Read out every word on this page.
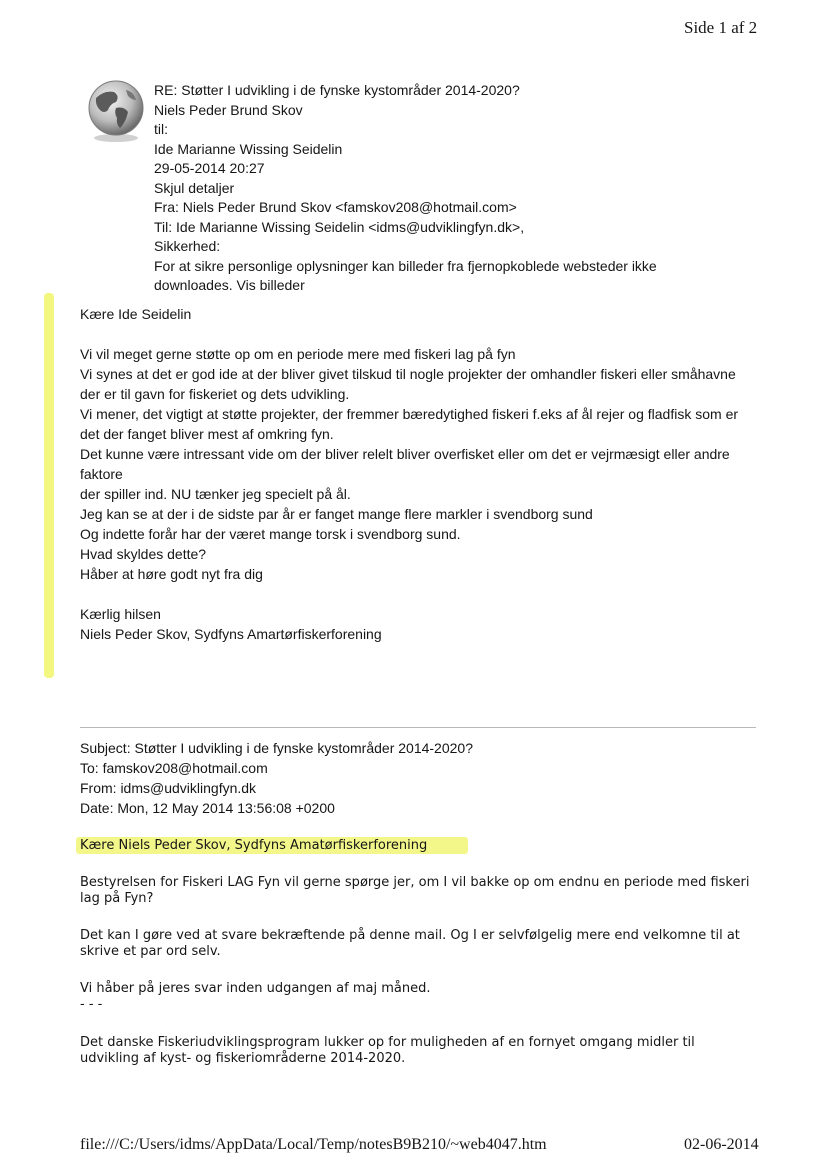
Side 1 af 2
RE: Støtter I udvikling i de fynske kystområder 2014-2020?
Niels Peder Brund Skov
til:
Ide Marianne Wissing Seidelin
29-05-2014 20:27
Skjul detaljer
Fra: Niels Peder Brund Skov <famskov208@hotmail.com>
Til: Ide Marianne Wissing Seidelin <idms@udviklingfyn.dk>,
Sikkerhed:
For at sikre personlige oplysninger kan billeder fra fjernopkoblede websteder ikke downloades. Vis billeder
Kære Ide Seidelin
Vi vil meget gerne støtte op om en periode mere med fiskeri lag på fyn
Vi synes at det er god ide at der bliver givet tilskud til nogle projekter der omhandler fiskeri eller småhavne
der er til gavn for fiskeriet og dets udvikling.
Vi mener, det vigtigt at støtte projekter, der fremmer bæredytighed fiskeri f.eks af ål rejer og fladfisk som er det der fanget bliver mest af omkring fyn.
Det kunne være intressant vide om der bliver relelt bliver overfisket eller om det er vejrmæsigt eller andre faktore
der spiller ind. NU tænker jeg specielt på ål.
Jeg kan se at der i de sidste par år er fanget mange flere markler i svendborg sund
Og indette forår har der været mange torsk i svendborg sund.
Hvad skyldes dette?
Håber at høre godt nyt fra dig
Kærlig hilsen
Niels Peder Skov, Sydfyns Amartørfiskerforening
Subject: Støtter I udvikling i de fynske kystområder 2014-2020?
To: famskov208@hotmail.com
From: idms@udviklingfyn.dk
Date: Mon, 12 May 2014 13:56:08 +0200
Kære Niels Peder Skov, Sydfyns Amatørfiskerforening
Bestyrelsen for Fiskeri LAG Fyn vil gerne spørge jer, om I vil bakke op om endnu en periode med fiskeri lag på Fyn?
Det kan I gøre ved at svare bekræftende på denne mail. Og I er selvfølgelig mere end velkomne til at skrive et par ord selv.
Vi håber på jeres svar inden udgangen af maj måned.
- - -
Det danske Fiskeriudviklingsprogram lukker op for muligheden af en fornyet omgang midler til udvikling af kyst- og fiskeriområderne 2014-2020.
file:///C:/Users/idms/AppData/Local/Temp/notesB9B210/~web4047.htm	02-06-2014
